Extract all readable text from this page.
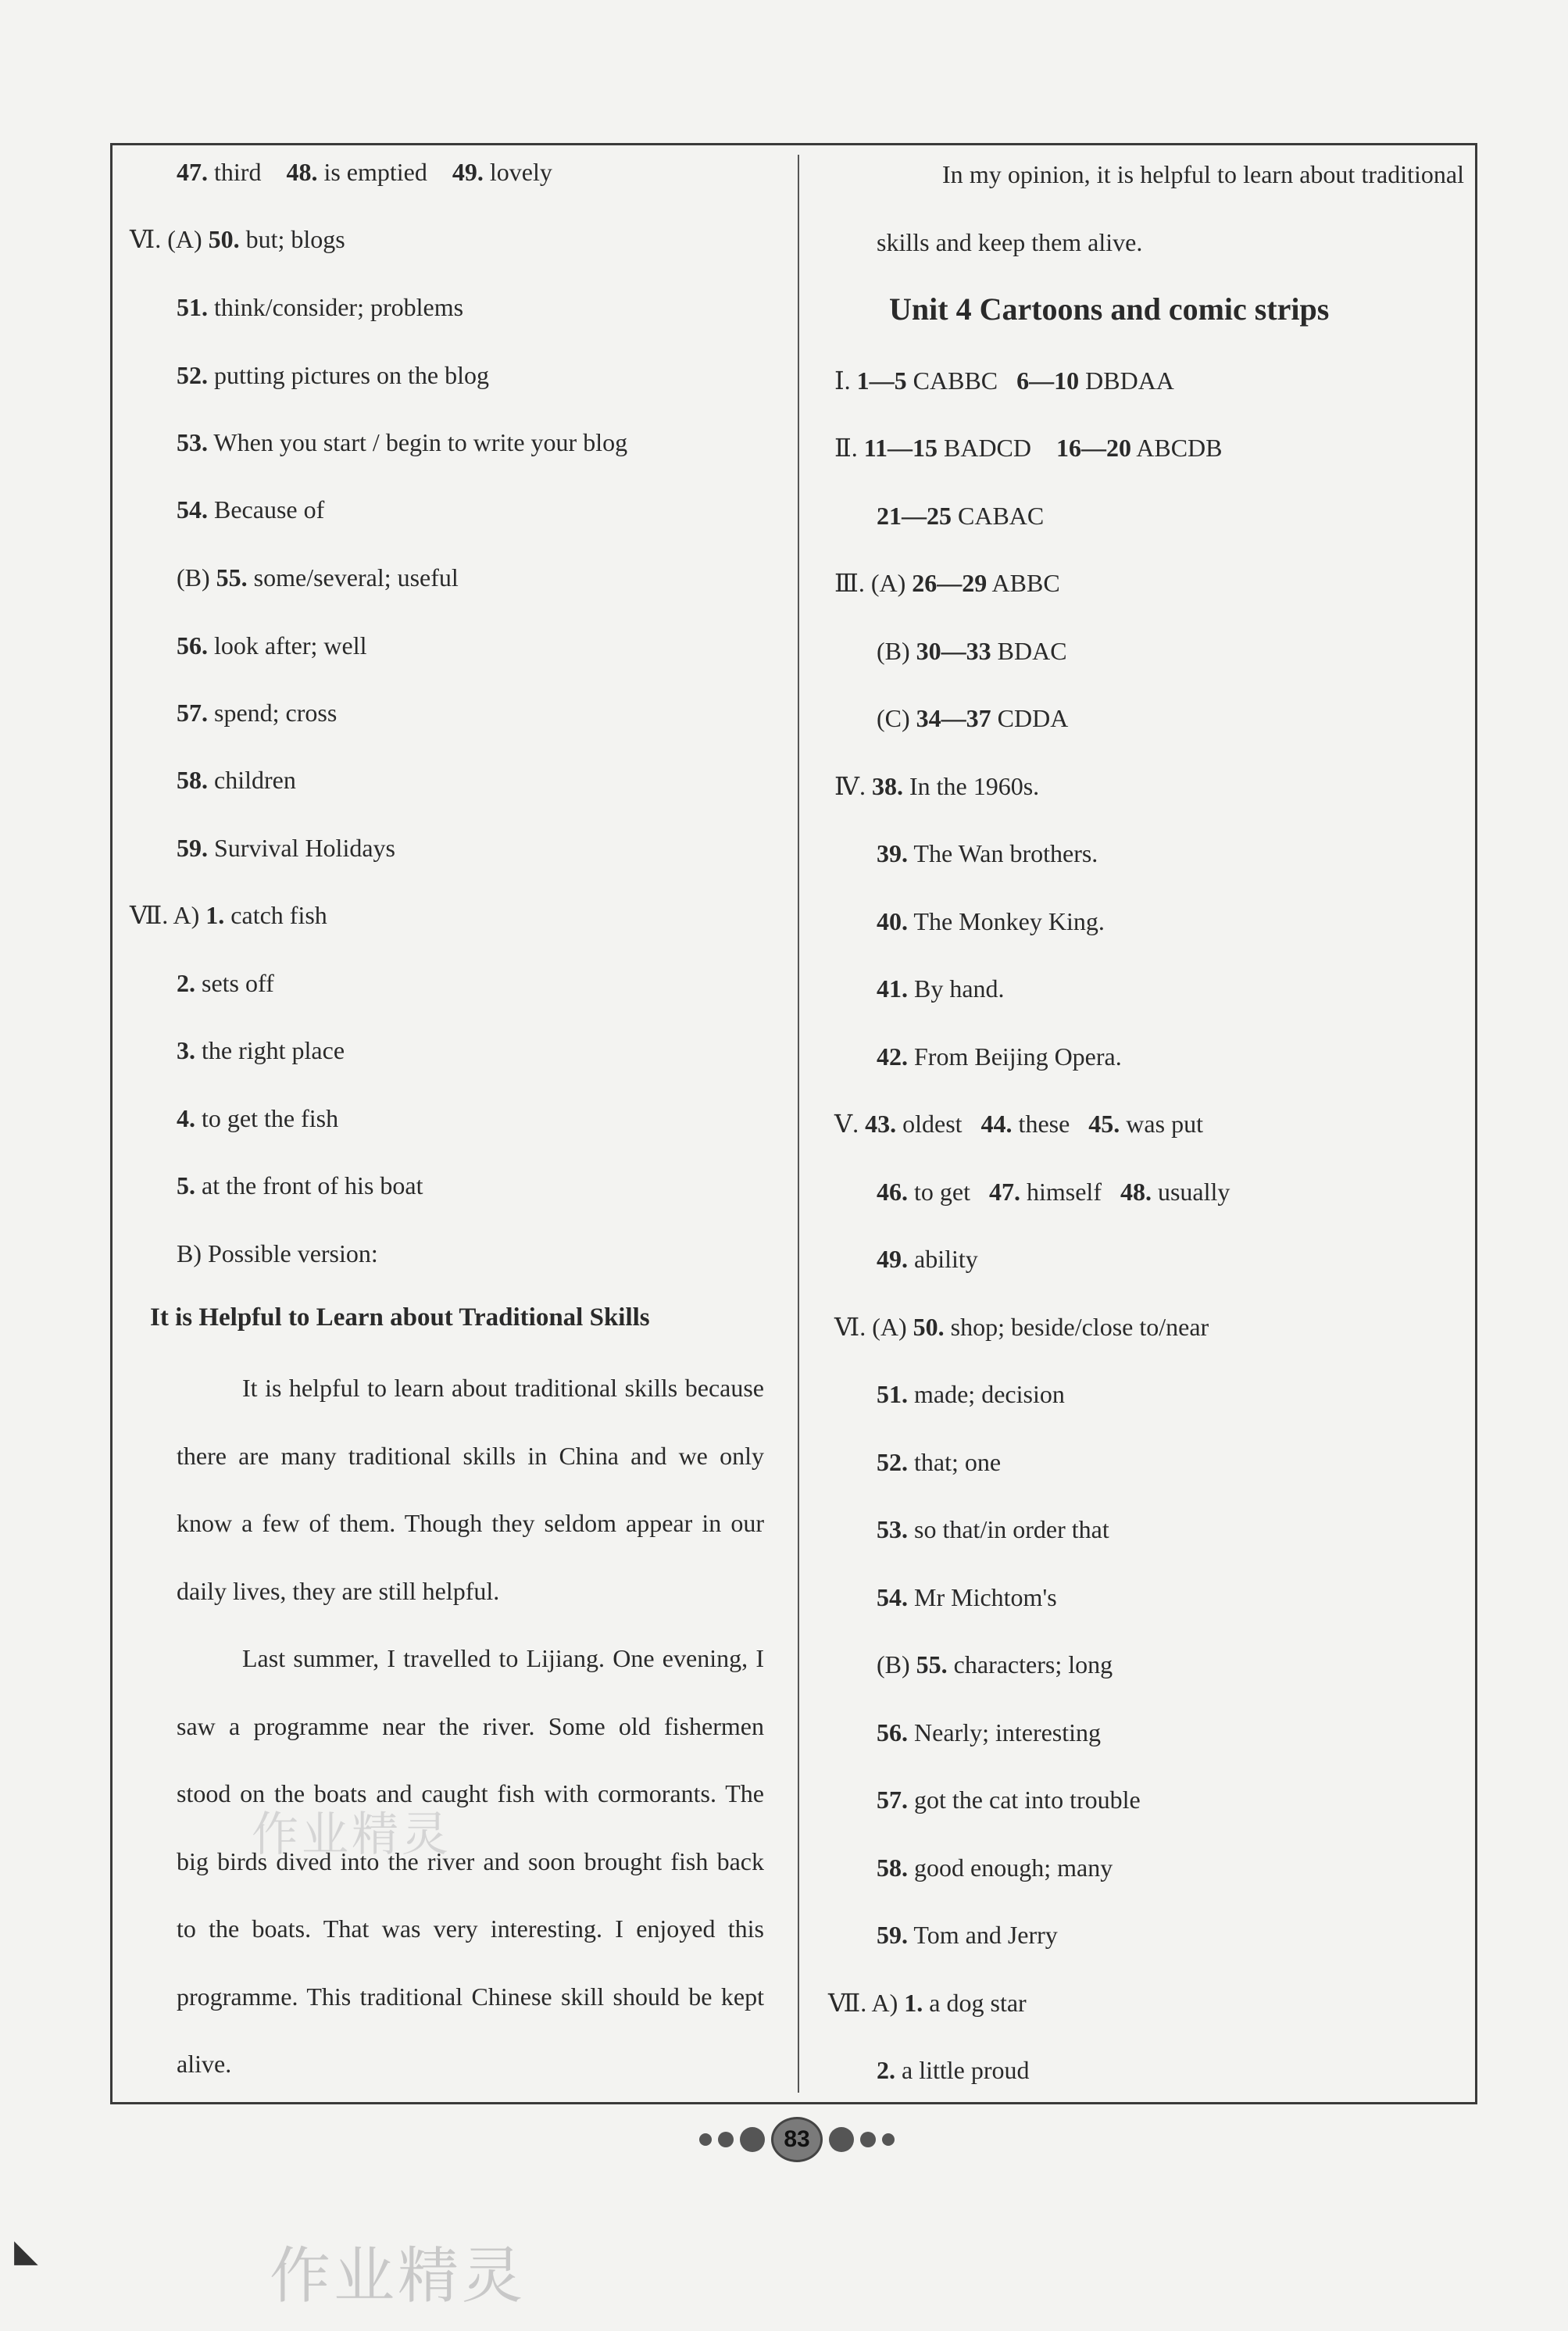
47. third 48. is emptied 49. lovely
Ⅵ. (A) 50. but; blogs
51. think/consider; problems
52. putting pictures on the blog
53. When you start / begin to write your blog
54. Because of
(B) 55. some/several; useful
56. look after; well
57. spend; cross
58. children
59. Survival Holidays
Ⅶ. A) 1. catch fish
2. sets off
3. the right place
4. to get the fish
5. at the front of his boat
B) Possible version:
It is Helpful to Learn about Traditional Skills
It is helpful to learn about traditional skills because there are many traditional skills in China and we only know a few of them. Though they seldom appear in our daily lives, they are still helpful.
Last summer, I travelled to Lijiang. One evening, I saw a programme near the river. Some old fishermen stood on the boats and caught fish with cormorants. The big birds dived into the river and soon brought fish back to the boats. That was very interesting. I enjoyed this programme. This traditional Chinese skill should be kept alive.
In my opinion, it is helpful to learn about traditional skills and keep them alive.
Unit 4 Cartoons and comic strips
Ⅰ. 1—5 CABBC 6—10 DBDAA
Ⅱ. 11—15 BADCD 16—20 ABCDB
21—25 CABAC
Ⅲ. (A) 26—29 ABBC
(B) 30—33 BDAC
(C) 34—37 CDDA
Ⅳ. 38. In the 1960s.
39. The Wan brothers.
40. The Monkey King.
41. By hand.
42. From Beijing Opera.
Ⅴ. 43. oldest 44. these 45. was put
46. to get 47. himself 48. usually
49. ability
Ⅵ. (A) 50. shop; beside/close to/near
51. made; decision
52. that; one
53. so that/in order that
54. Mr Michtom's
(B) 55. characters; long
56. Nearly; interesting
57. got the cat into trouble
58. good enough; many
59. Tom and Jerry
Ⅶ. A) 1. a dog star
2. a little proud
83
作业精灵
作业精灵
◣
